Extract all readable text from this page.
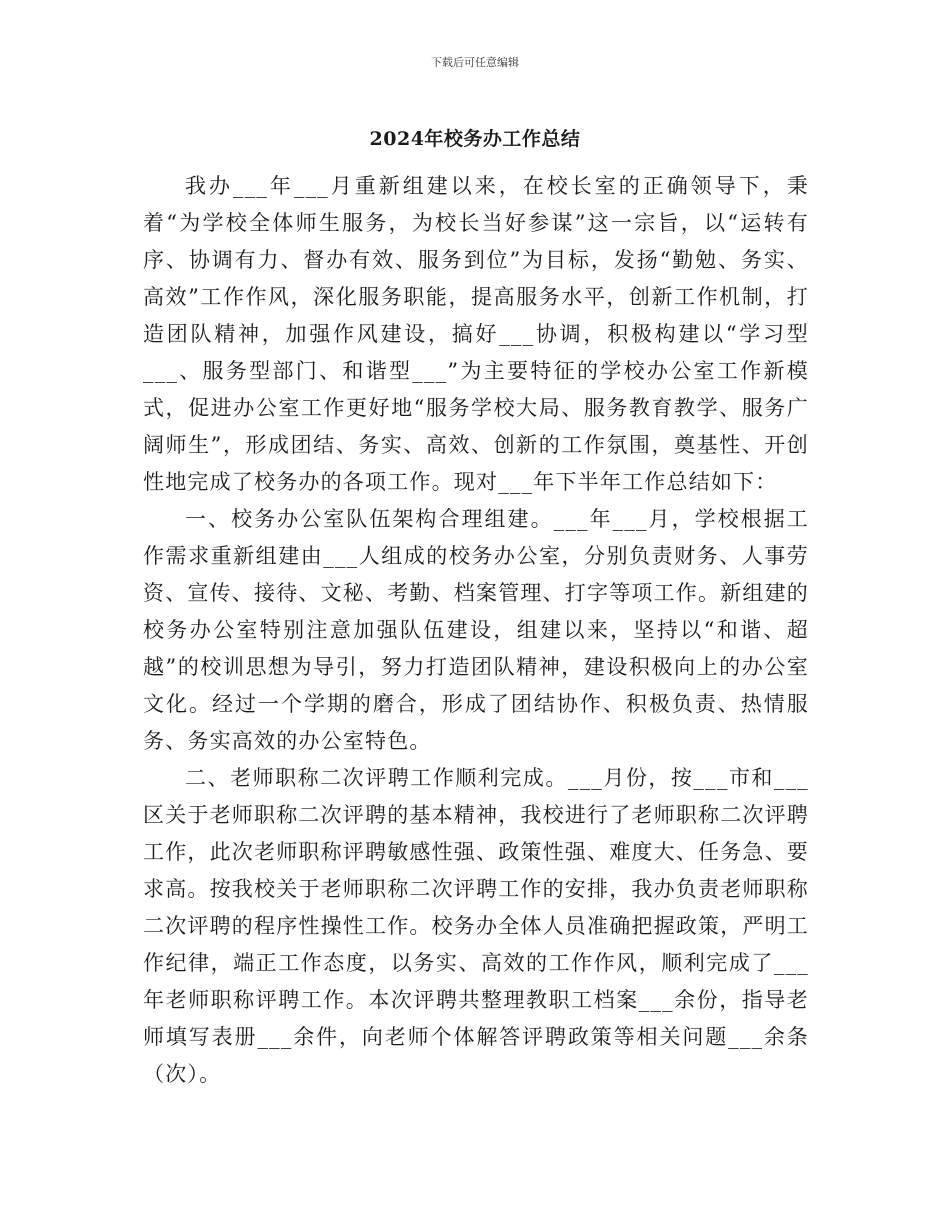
下载后可任意编辑
2024年校务办工作总结

我办___年___月重新组建以来，在校长室的正确领导下，秉着“为学校全体师生服务，为校长当好参谋”这一宗旨，以“运转有序、协调有力、督办有效、服务到位”为目标，发扬“勤勉、务实、高效”工作作风，深化服务职能，提高服务水平，创新工作机制，打造团队精神，加强作风建设，搞好___协调，积极构建以“学习型___、服务型部门、和谐型___”为主要特征的学校办公室工作新模式，促进办公室工作更好地“服务学校大局、服务教育教学、服务广阔师生”，形成团结、务实、高效、创新的工作氛围，奠基性、开创性地完成了校务办的各项工作。现对___年下半年工作总结如下：

一、校务办公室队伍架构合理组建。___年___月，学校根据工作需求重新组建由___人组成的校务办公室，分别负责财务、人事劳资、宣传、接待、文秘、考勤、档案管理、打字等项工作。新组建的校务办公室特别注意加强队伍建设，组建以来，坚持以“和谐、超越”的校训思想为导引，努力打造团队精神，建设积极向上的办公室文化。经过一个学期的磨合，形成了团结协作、积极负责、热情服务、务实高效的办公室特色。

二、老师职称二次评聘工作顺利完成。___月份，按___市和___区关于老师职称二次评聘的基本精神，我校进行了老师职称二次评聘工作，此次老师职称评聘敏感性强、政策性强、难度大、任务急、要求高。按我校关于老师职称二次评聘工作的安排，我办负责老师职称二次评聘的程序性操性工作。校务办全体人员准确把握政策，严明工作纪律，端正工作态度，以务实、高效的工作作风，顺利完成了___年老师职称评聘工作。本次评聘共整理教职工档案___余份，指导老师填写表册___余件，向老师个体解答评聘政策等相关问题___余条（次）。
